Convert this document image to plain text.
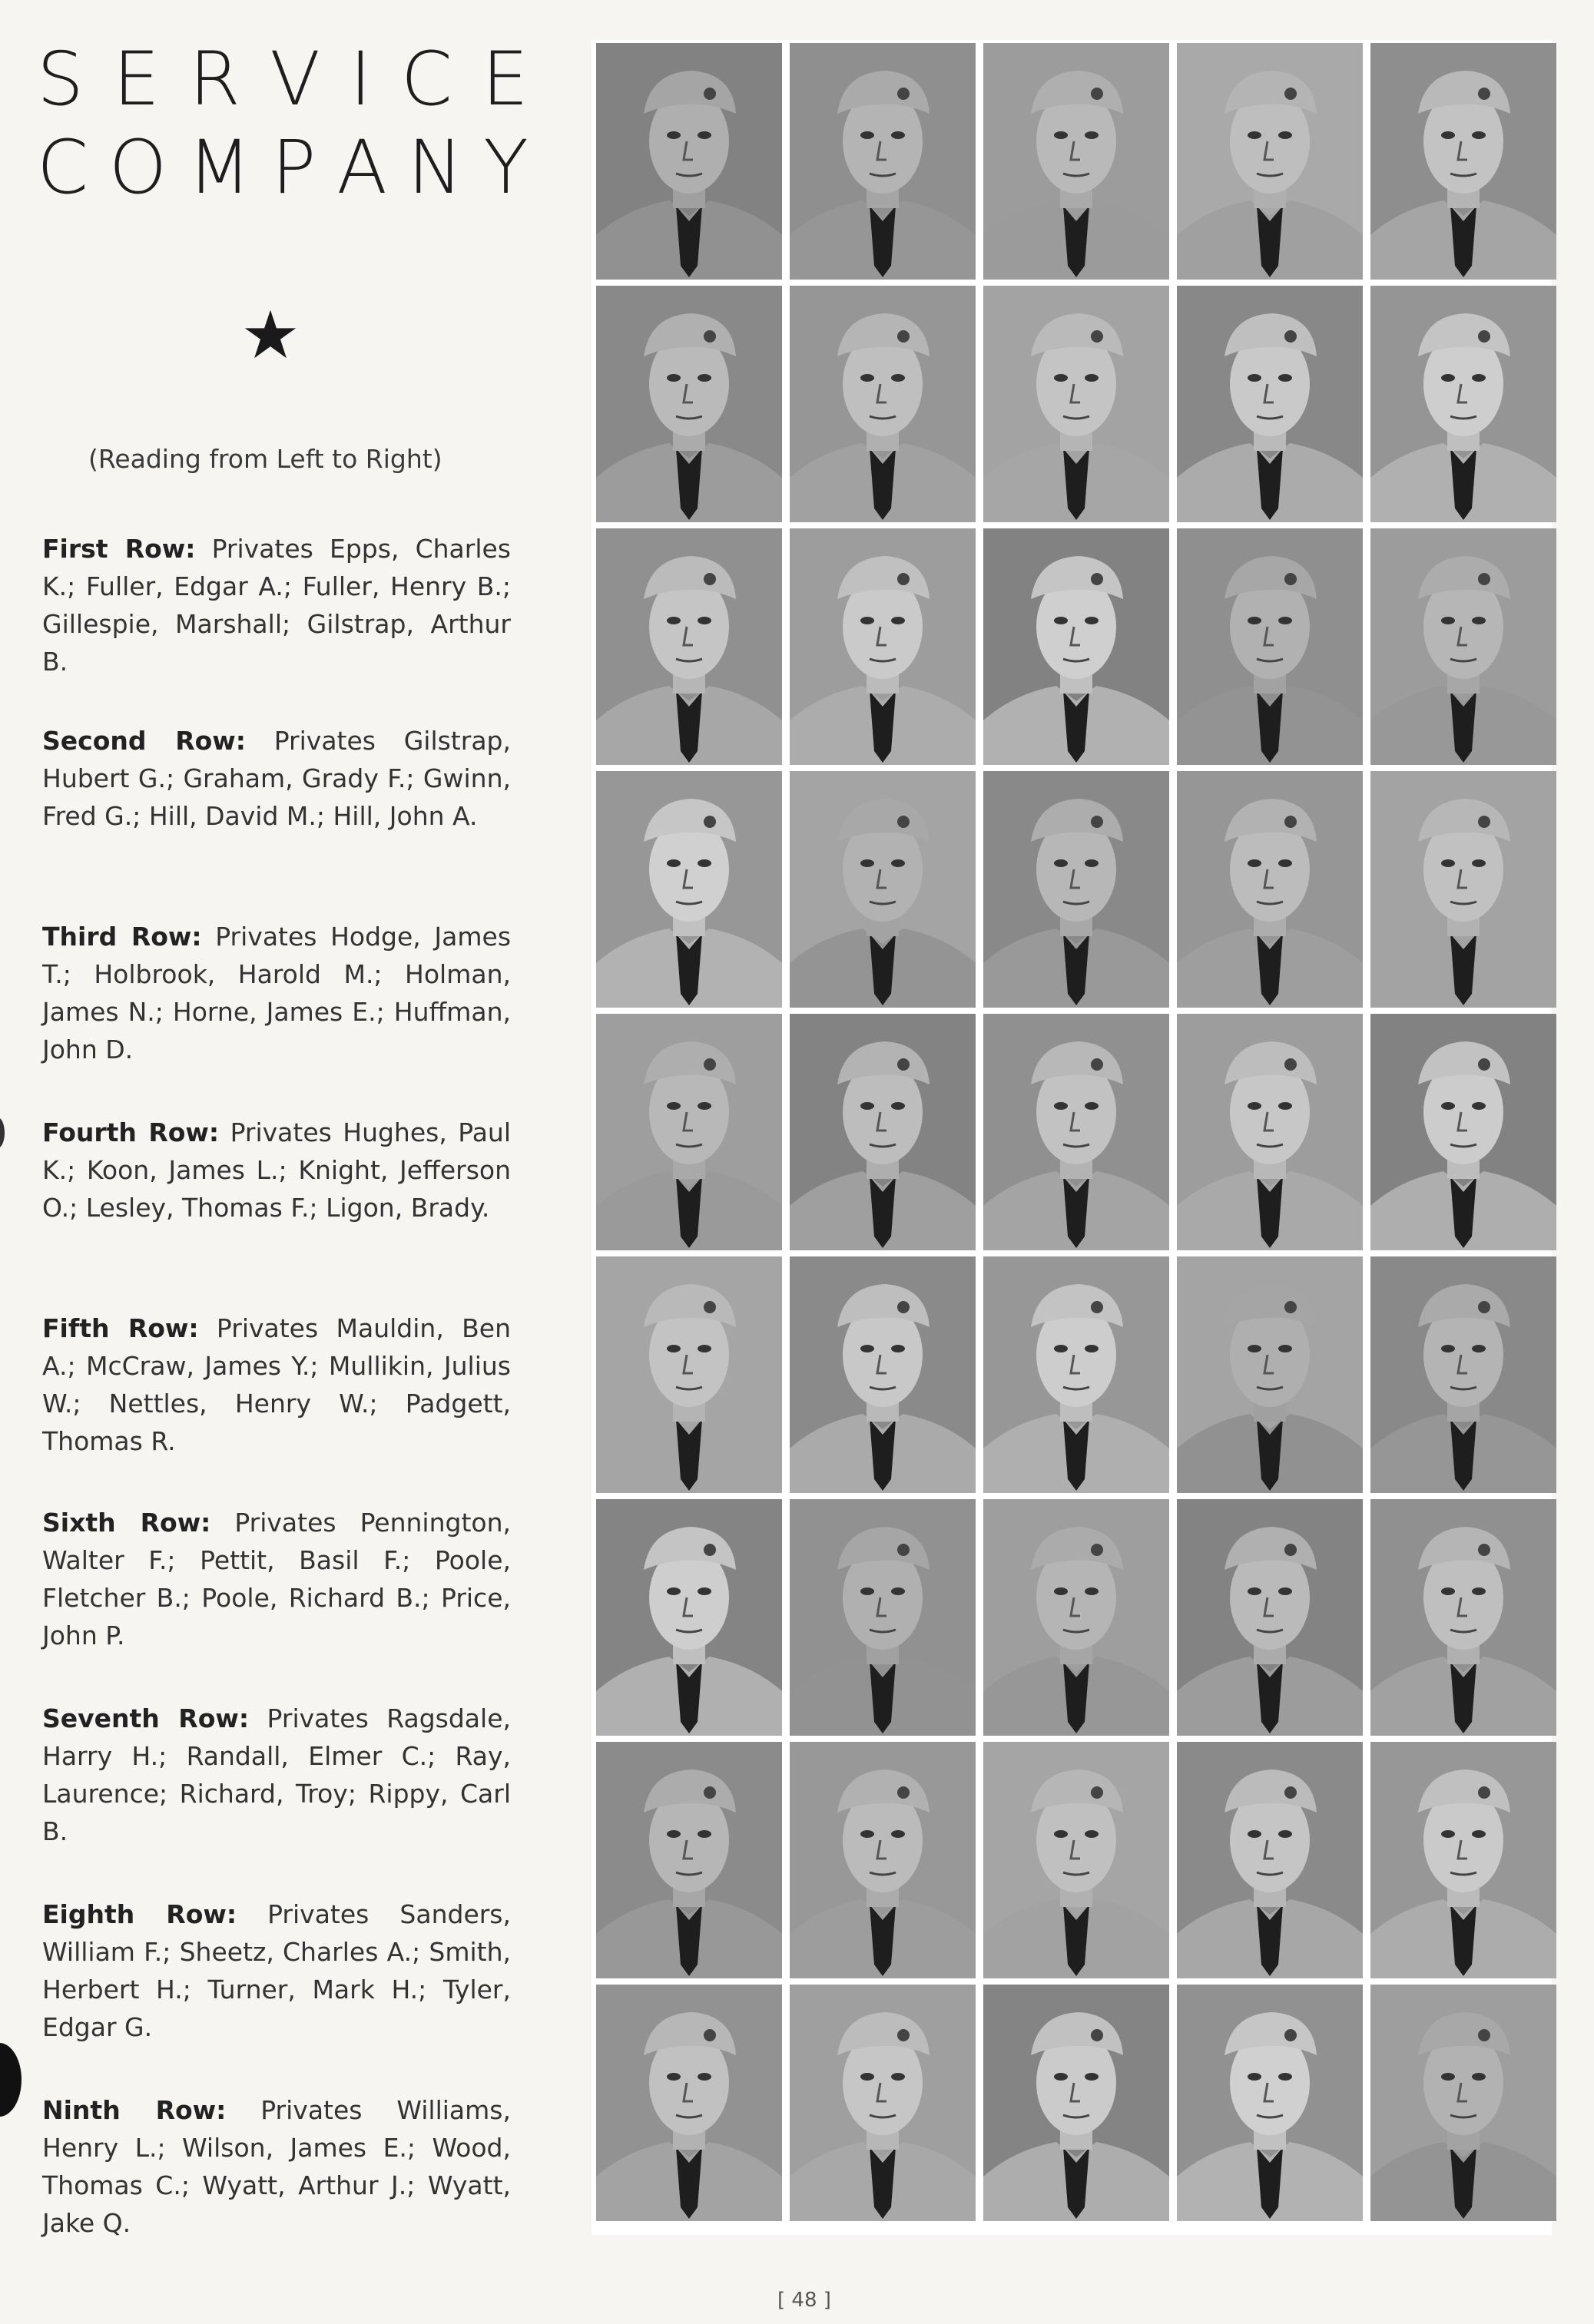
S E R V I C E
C O M P A N Y
(Reading from Left to Right)
First Row: Privates Epps, Charles K.; Fuller, Edgar A.; Fuller, Henry B.; Gillespie, Marshall; Gilstrap, Arthur B.
Second Row: Privates Gilstrap, Hubert G.; Graham, Grady F.; Gwinn, Fred G.; Hill, David M.; Hill, John A.
Third Row: Privates Hodge, James T.; Holbrook, Harold M.; Holman, James N.; Horne, James E.; Huffman, John D.
Fourth Row: Privates Hughes, Paul K.; Koon, James L.; Knight, Jefferson O.; Lesley, Thomas F.; Ligon, Brady.
Fifth Row: Privates Mauldin, Ben A.; McCraw, James Y.; Mullikin, Julius W.; Nettles, Henry W.; Padgett, Thomas R.
Sixth Row: Privates Pennington, Walter F.; Pettit, Basil F.; Poole, Fletcher B.; Poole, Richard B.; Price, John P.
Seventh Row: Privates Ragsdale, Harry H.; Randall, Elmer C.; Ray, Laurence; Richard, Troy; Rippy, Carl B.
Eighth Row: Privates Sanders, William F.; Sheetz, Charles A.; Smith, Herbert H.; Turner, Mark H.; Tyler, Edgar G.
Ninth Row: Privates Williams, Henry L.; Wilson, James E.; Wood, Thomas C.; Wyatt, Arthur J.; Wyatt, Jake Q.
[ 48 ]
